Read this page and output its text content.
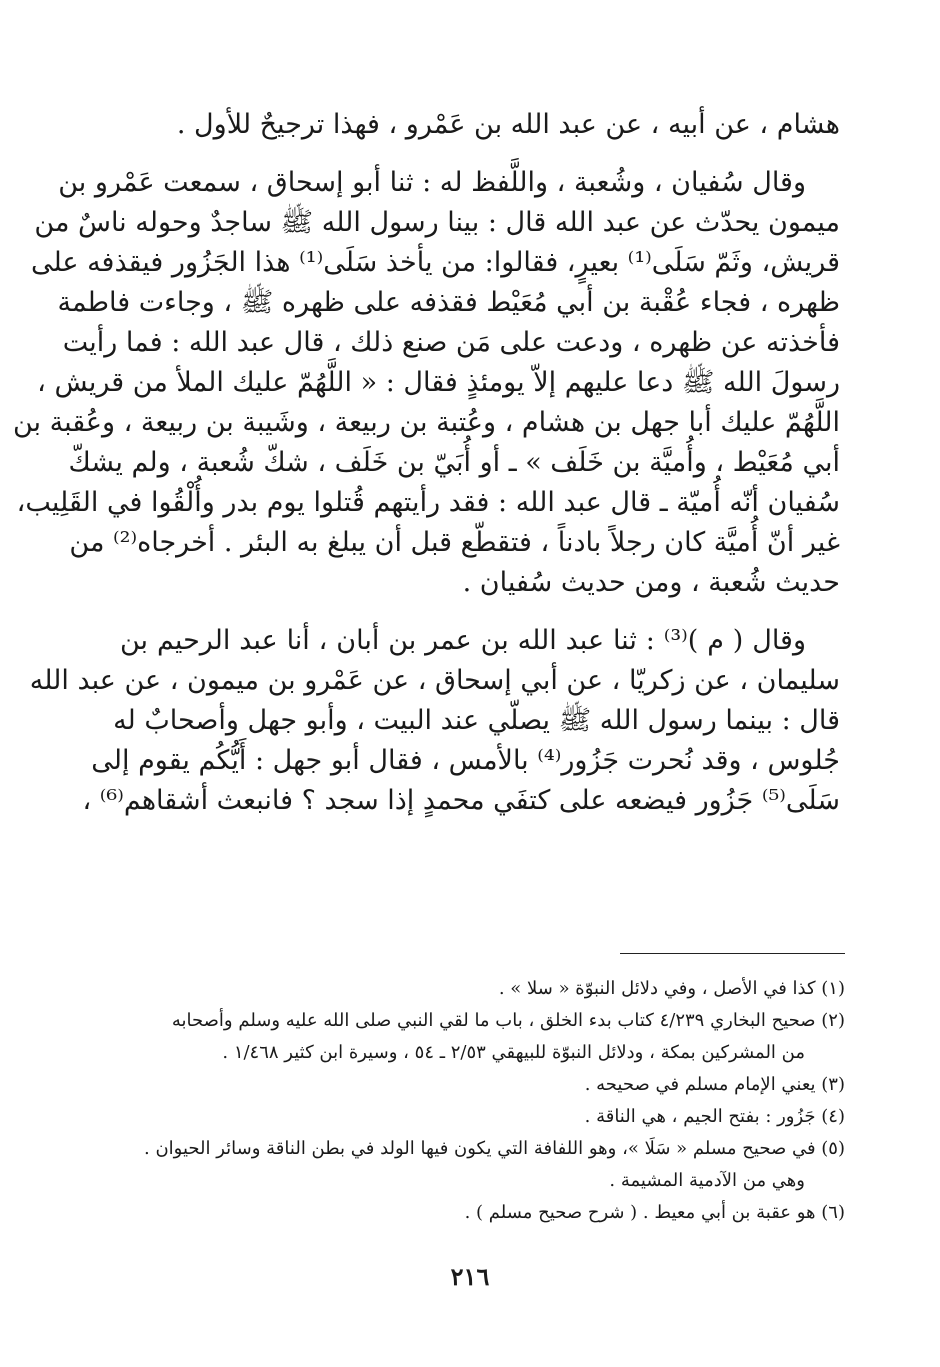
هشام ، عن أبيه ، عن عبد الله بن عَمْرو ، فهذا ترجيحٌ للأول .
وقال سُفيان ، وشُعبة ، واللَّفظ له : ثنا أبو إسحاق ، سمعت عَمْرو بن
ميمون يحدّث عن عبد الله قال : بينا رسول الله ﷺ ساجدٌ وحوله ناسٌ من
قريش، وثَمّ سَلَى⁽¹⁾ بعيرٍ، فقالوا: من يأخذ سَلَى⁽¹⁾ هذا الجَزُور فيقذفه على
ظهره ، فجاء عُقْبة بن أبي مُعَيْط فقذفه على ظهره ﷺ ، وجاءت فاطمة
فأخذته عن ظهره ، ودعت على مَن صنع ذلك ، قال عبد الله : فما رأيت
رسولَ الله ﷺ دعا عليهم إلاّ يومئذٍ فقال : « اللَّهُمّ عليك الملأ من قريش ،
اللَّهُمّ عليك أبا جهل بن هشام ، وعُتبة بن ربيعة ، وشَيبة بن ربيعة ، وعُقبة بن
أبي مُعَيْط ، وأُميَّة بن خَلَف » ـ أو أُبَيّ بن خَلَف ، شكّ شُعبة ، ولم يشكّ
سُفيان أنّه أُميّة ـ قال عبد الله : فقد رأيتهم قُتلوا يوم بدر وأُلْقُوا في القَلِيب،
غير أنّ أُميَّة كان رجلاً بادناً ، فتقطّع قبل أن يبلغ به البئر . أخرجاه⁽²⁾ من
حديث شُعبة ، ومن حديث سُفيان .
وقال ( م )⁽³⁾ : ثنا عبد الله بن عمر بن أبان ، أنا عبد الرحيم بن
سليمان ، عن زكريّا ، عن أبي إسحاق ، عن عَمْرو بن ميمون ، عن عبد الله
قال : بينما رسول الله ﷺ يصلّي عند البيت ، وأبو جهل وأصحابٌ له
جُلوس ، وقد نُحرت جَزُور⁽⁴⁾ بالأمس ، فقال أبو جهل : أَيُّكُم يقوم إلى
سَلَى⁽⁵⁾ جَزُور فيضعه على كتفَي محمدٍ إذا سجد ؟ فانبعث أشقاهم⁽⁶⁾ ،
(١) كذا في الأصل ، وفي دلائل النبوّة « سلا » .
(٢) صحيح البخاري ٤/٢٣٩ كتاب بدء الخلق ، باب ما لقي النبي صلى الله عليه وسلم وأصحابه
من المشركين بمكة ، ودلائل النبوّة للبيهقي ٢/٥٣ ـ ٥٤ ، وسيرة ابن كثير ١/٤٦٨ .
(٣) يعني الإمام مسلم في صحيحه .
(٤) جَزُور : بفتح الجيم ، هي الناقة .
(٥) في صحيح مسلم « سَلَا »، وهو اللفافة التي يكون فيها الولد في بطن الناقة وسائر الحيوان .
وهي من الآدمية المشيمة .
(٦) هو عقبة بن أبي معيط . ( شرح صحيح مسلم ) .
٢١٦
